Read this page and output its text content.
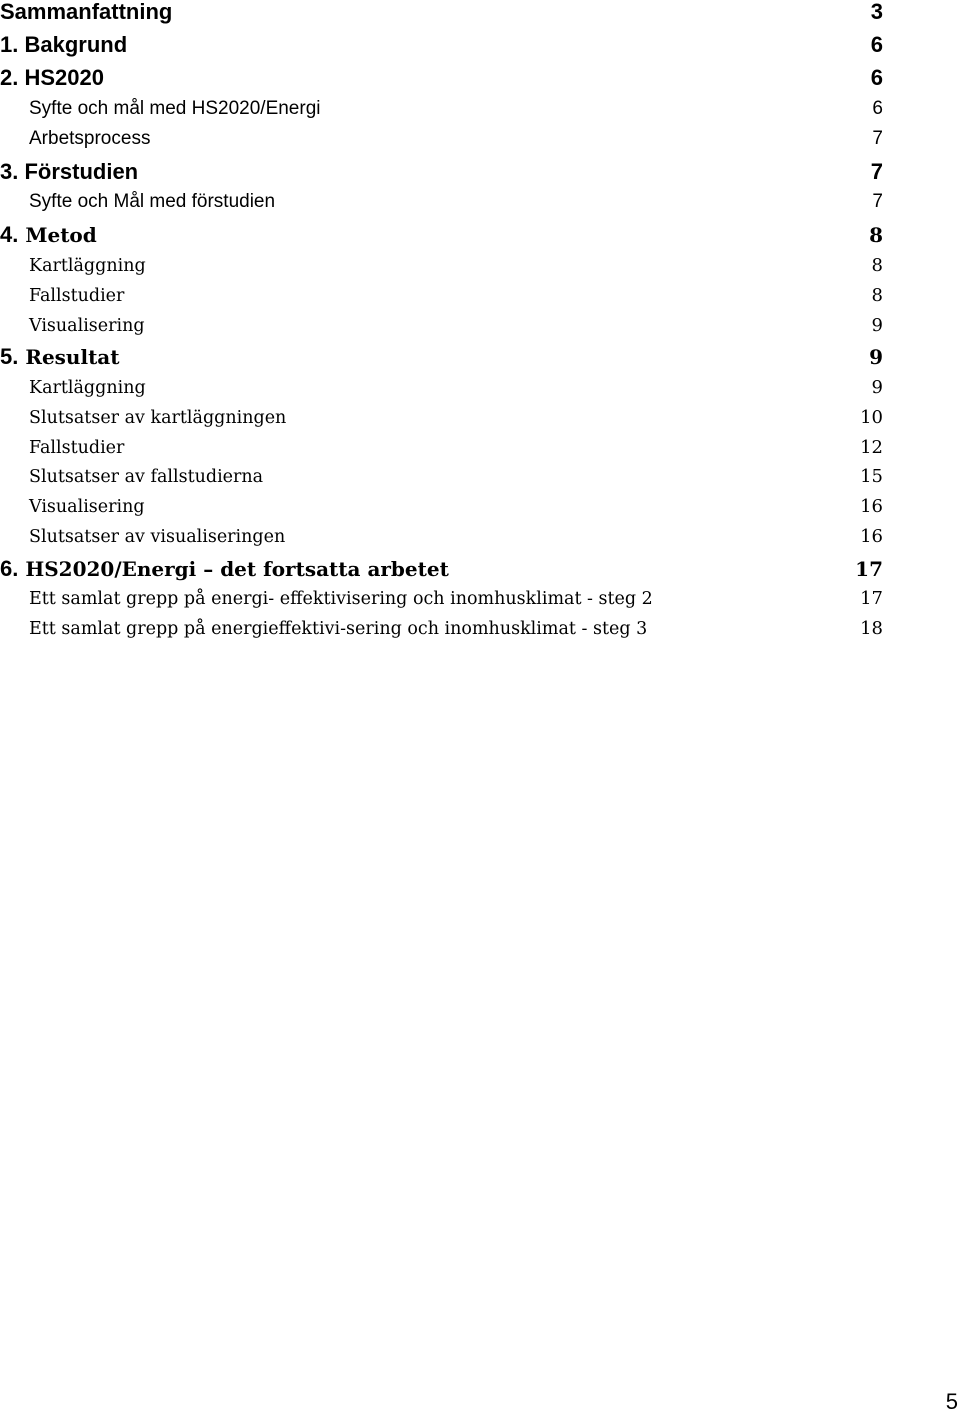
Sammanfattning	3
1. Bakgrund	6
2. HS2020	6
Syfte och mål med HS2020/Energi	6
Arbetsprocess	7
3. Förstudien	7
Syfte och Mål med förstudien	7
4. Metod	8
Kartläggning	8
Fallstudier	8
Visualisering	9
5. Resultat	9
Kartläggning	9
Slutsatser av kartläggningen	10
Fallstudier	12
Slutsatser av fallstudierna	15
Visualisering	16
Slutsatser av visualiseringen	16
6. HS2020/Energi – det fortsatta arbetet	17
Ett samlat grepp på energi- effektivisering och inomhusklimat - steg 2	17
Ett samlat grepp på energieffektivi-sering och inomhusklimat - steg 3	18
5
